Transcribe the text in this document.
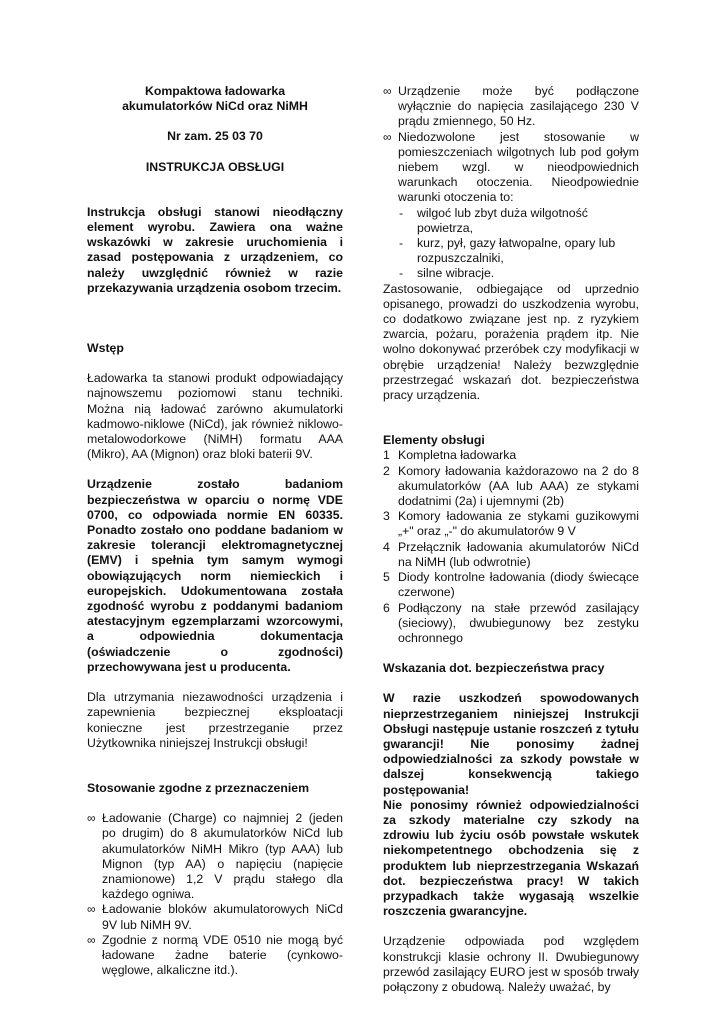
Kompaktowa ładowarka
akumulatorków NiCd oraz NiMH
Nr zam. 25 03 70
INSTRUKCJA OBSŁUGI

Instrukcja obsługi stanowi nieodłączny element wyrobu. Zawiera ona ważne wskazówki w zakresie uruchomienia i zasad postępowania z urządzeniem, co należy uwzględnić również w razie przekazywania urządzenia osobom trzecim.

Wstęp

Ładowarka ta stanowi produkt odpowiadający najnowszemu poziomowi stanu techniki. Można nią ładować zarówno akumulatorki kadmowo-niklowe (NiCd), jak również niklowo-metalowodorkowe (NiMH) formatu AAA (Mikro), AA (Mignon) oraz bloki baterii 9V.

Urządzenie zostało badaniom bezpieczeństwa w oparciu o normę VDE 0700, co odpowiada normie EN 60335. Ponadto zostało ono poddane badaniom w zakresie tolerancji elektromagnetycznej (EMV) i spełnia tym samym wymogi obowiązujących norm niemieckich i europejskich. Udokumentowana została zgodność wyrobu z poddanymi badaniom atestacyjnym egzemplarzami wzorcowymi, a odpowiednia dokumentacja (oświadczenie o zgodności) przechowywana jest u producenta.

Dla utrzymania niezawodności urządzenia i zapewnienia bezpiecznej eksploatacji konieczne jest przestrzeganie przez Użytkownika niniejszej Instrukcji obsługi!

Stosowanie zgodne z przeznaczeniem
∞ Ładowanie (Charge) co najmniej 2 (jeden po drugim) do 8 akumulatorków NiCd lub akumulatorków NiMH Mikro (typ AAA) lub Mignon (typ AA) o napięciu (napięcie znamionowe) 1,2 V prądu stałego dla każdego ogniwa.
∞ Ładowanie bloków akumulatorowych NiCd 9V lub NiMH 9V.
∞ Zgodnie z normą VDE 0510 nie mogą być ładowane żadne baterie (cynkowo-węglowe, alkaliczne itd.).
∞ Urządzenie może być podłączone wyłącznie do napięcia zasilającego 230 V prądu zmiennego, 50 Hz.
∞ Niedozwolone jest stosowanie w pomieszczeniach wilgotnych lub pod gołym niebem wzgl. w nieodpowiednich warunkach otoczenia. Nieodpowiednie warunki otoczenia to:
-	wilgoć lub zbyt duża wilgotność powietrza,
-	kurz, pył, gazy łatwopalne, opary lub rozpuszczalniki,
-	silne wibracje.

Zastosowanie, odbiegające od uprzednio opisanego, prowadzi do uszkodzenia wyrobu, co dodatkowo związane jest np. z ryzykiem zwarcia, pożaru, porażenia prądem itp. Nie wolno dokonywać przeróbek czy modyfikacji w obrębie urządzenia! Należy bezwzględnie przestrzegać wskazań dot. bezpieczeństwa pracy urządzenia.

Elementy obsługi
1 Kompletna ładowarka
2 Komory ładowania każdorazowo na 2 do 8 akumulatorków (AA lub AAA) ze stykami dodatnimi (2a) i ujemnymi (2b)
3 Komory ładowania ze stykami guzikowymi „+" oraz „-" do akumulatorów 9 V
4 Przełącznik ładowania akumulatorów NiCd na NiMH (lub odwrotnie)
5 Diody kontrolne ładowania (diody świecące czerwone)
6 Podłączony na stałe przewód zasilający (sieciowy), dwubiegunowy bez zestyku ochronnego
Wskazania dot. bezpieczeństwa pracy

W razie uszkodzeń spowodowanych nieprzestrzeganiem niniejszej Instrukcji Obsługi następuje ustanie roszczeń z tytułu gwarancji! Nie ponosimy żadnej odpowiedzialności za szkody powstałe w dalszej konsekwencją takiego postępowania!

Nie ponosimy również odpowiedzialności za szkody materialne czy szkody na zdrowiu lub życiu osób powstałe wskutek niekompetentnego obchodzenia się z produktem lub nieprzestrzegania Wskazań dot. bezpieczeństwa pracy! W takich przypadkach także wygasają wszelkie roszczenia gwarancyjne.

Urządzenie odpowiada pod względem konstrukcji klasie ochrony II. Dwubiegunowy przewód zasilający EURO jest w sposób trwały połączony z obudową. Należy uważać, by
